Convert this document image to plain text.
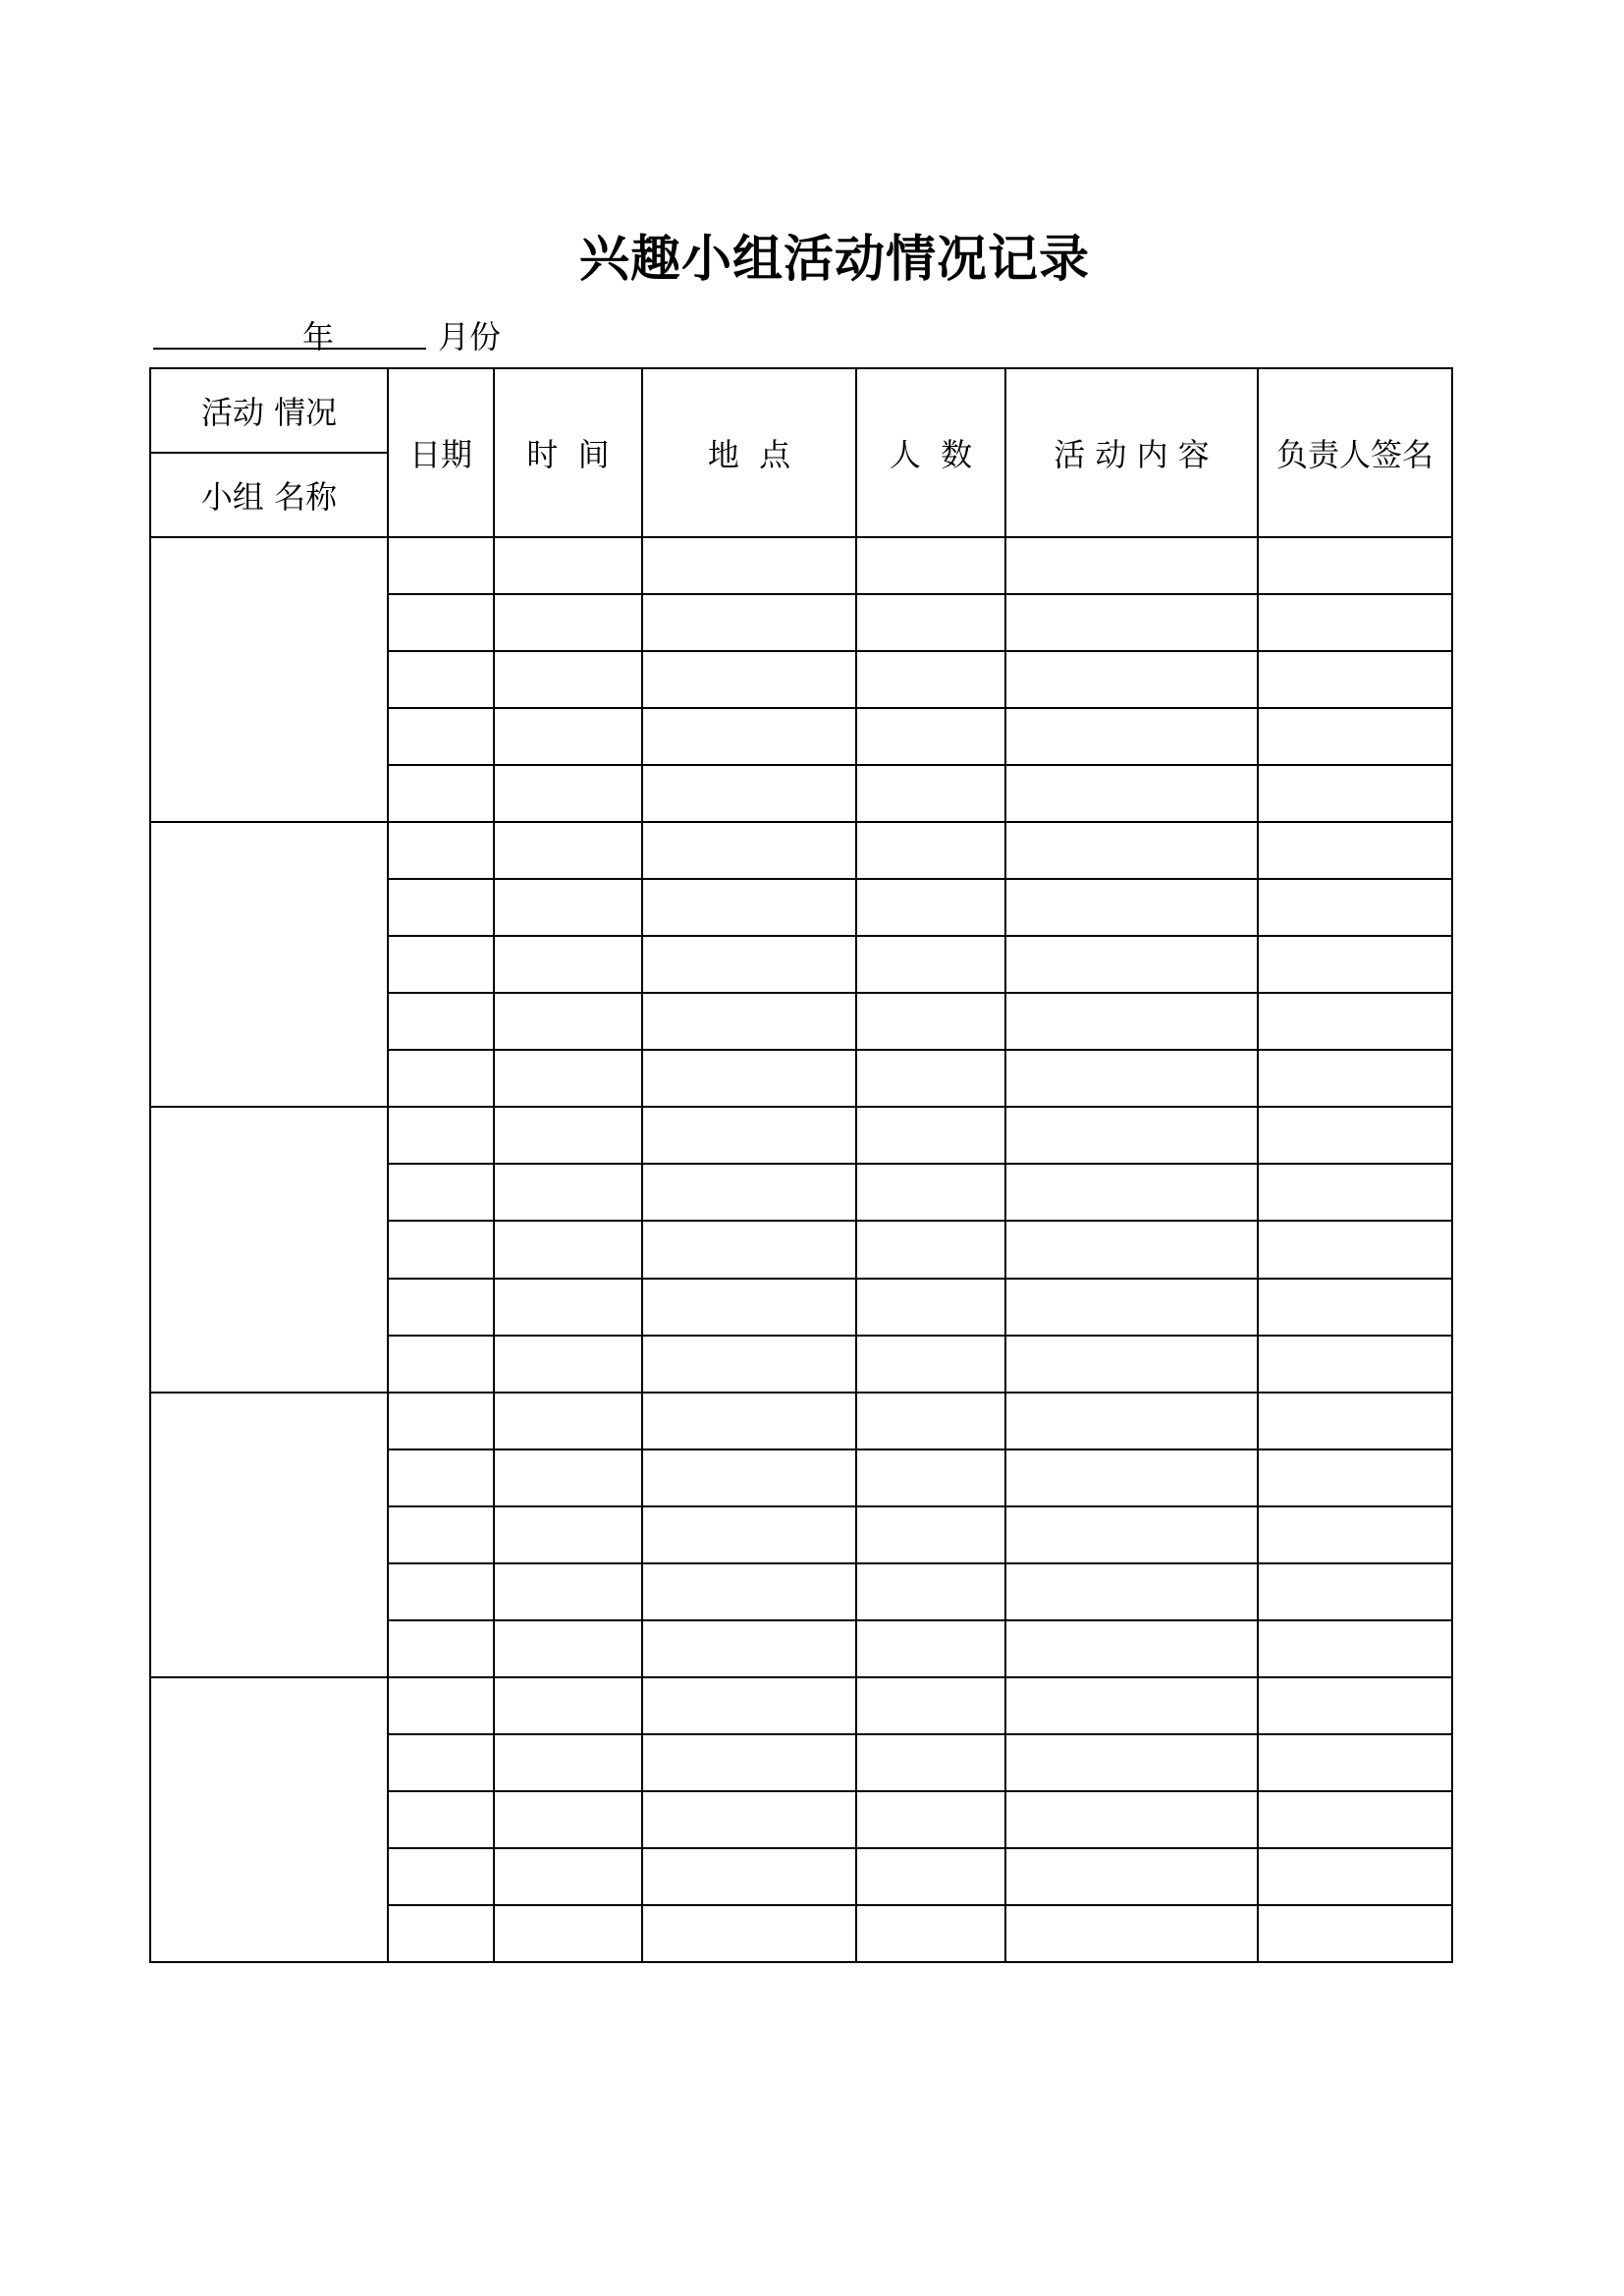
兴趣小组活动情况记录
年	月份
活动 情况	日期	时  间	地  点	人  数	活 动 内 容	负责人签名
小组 名称						
